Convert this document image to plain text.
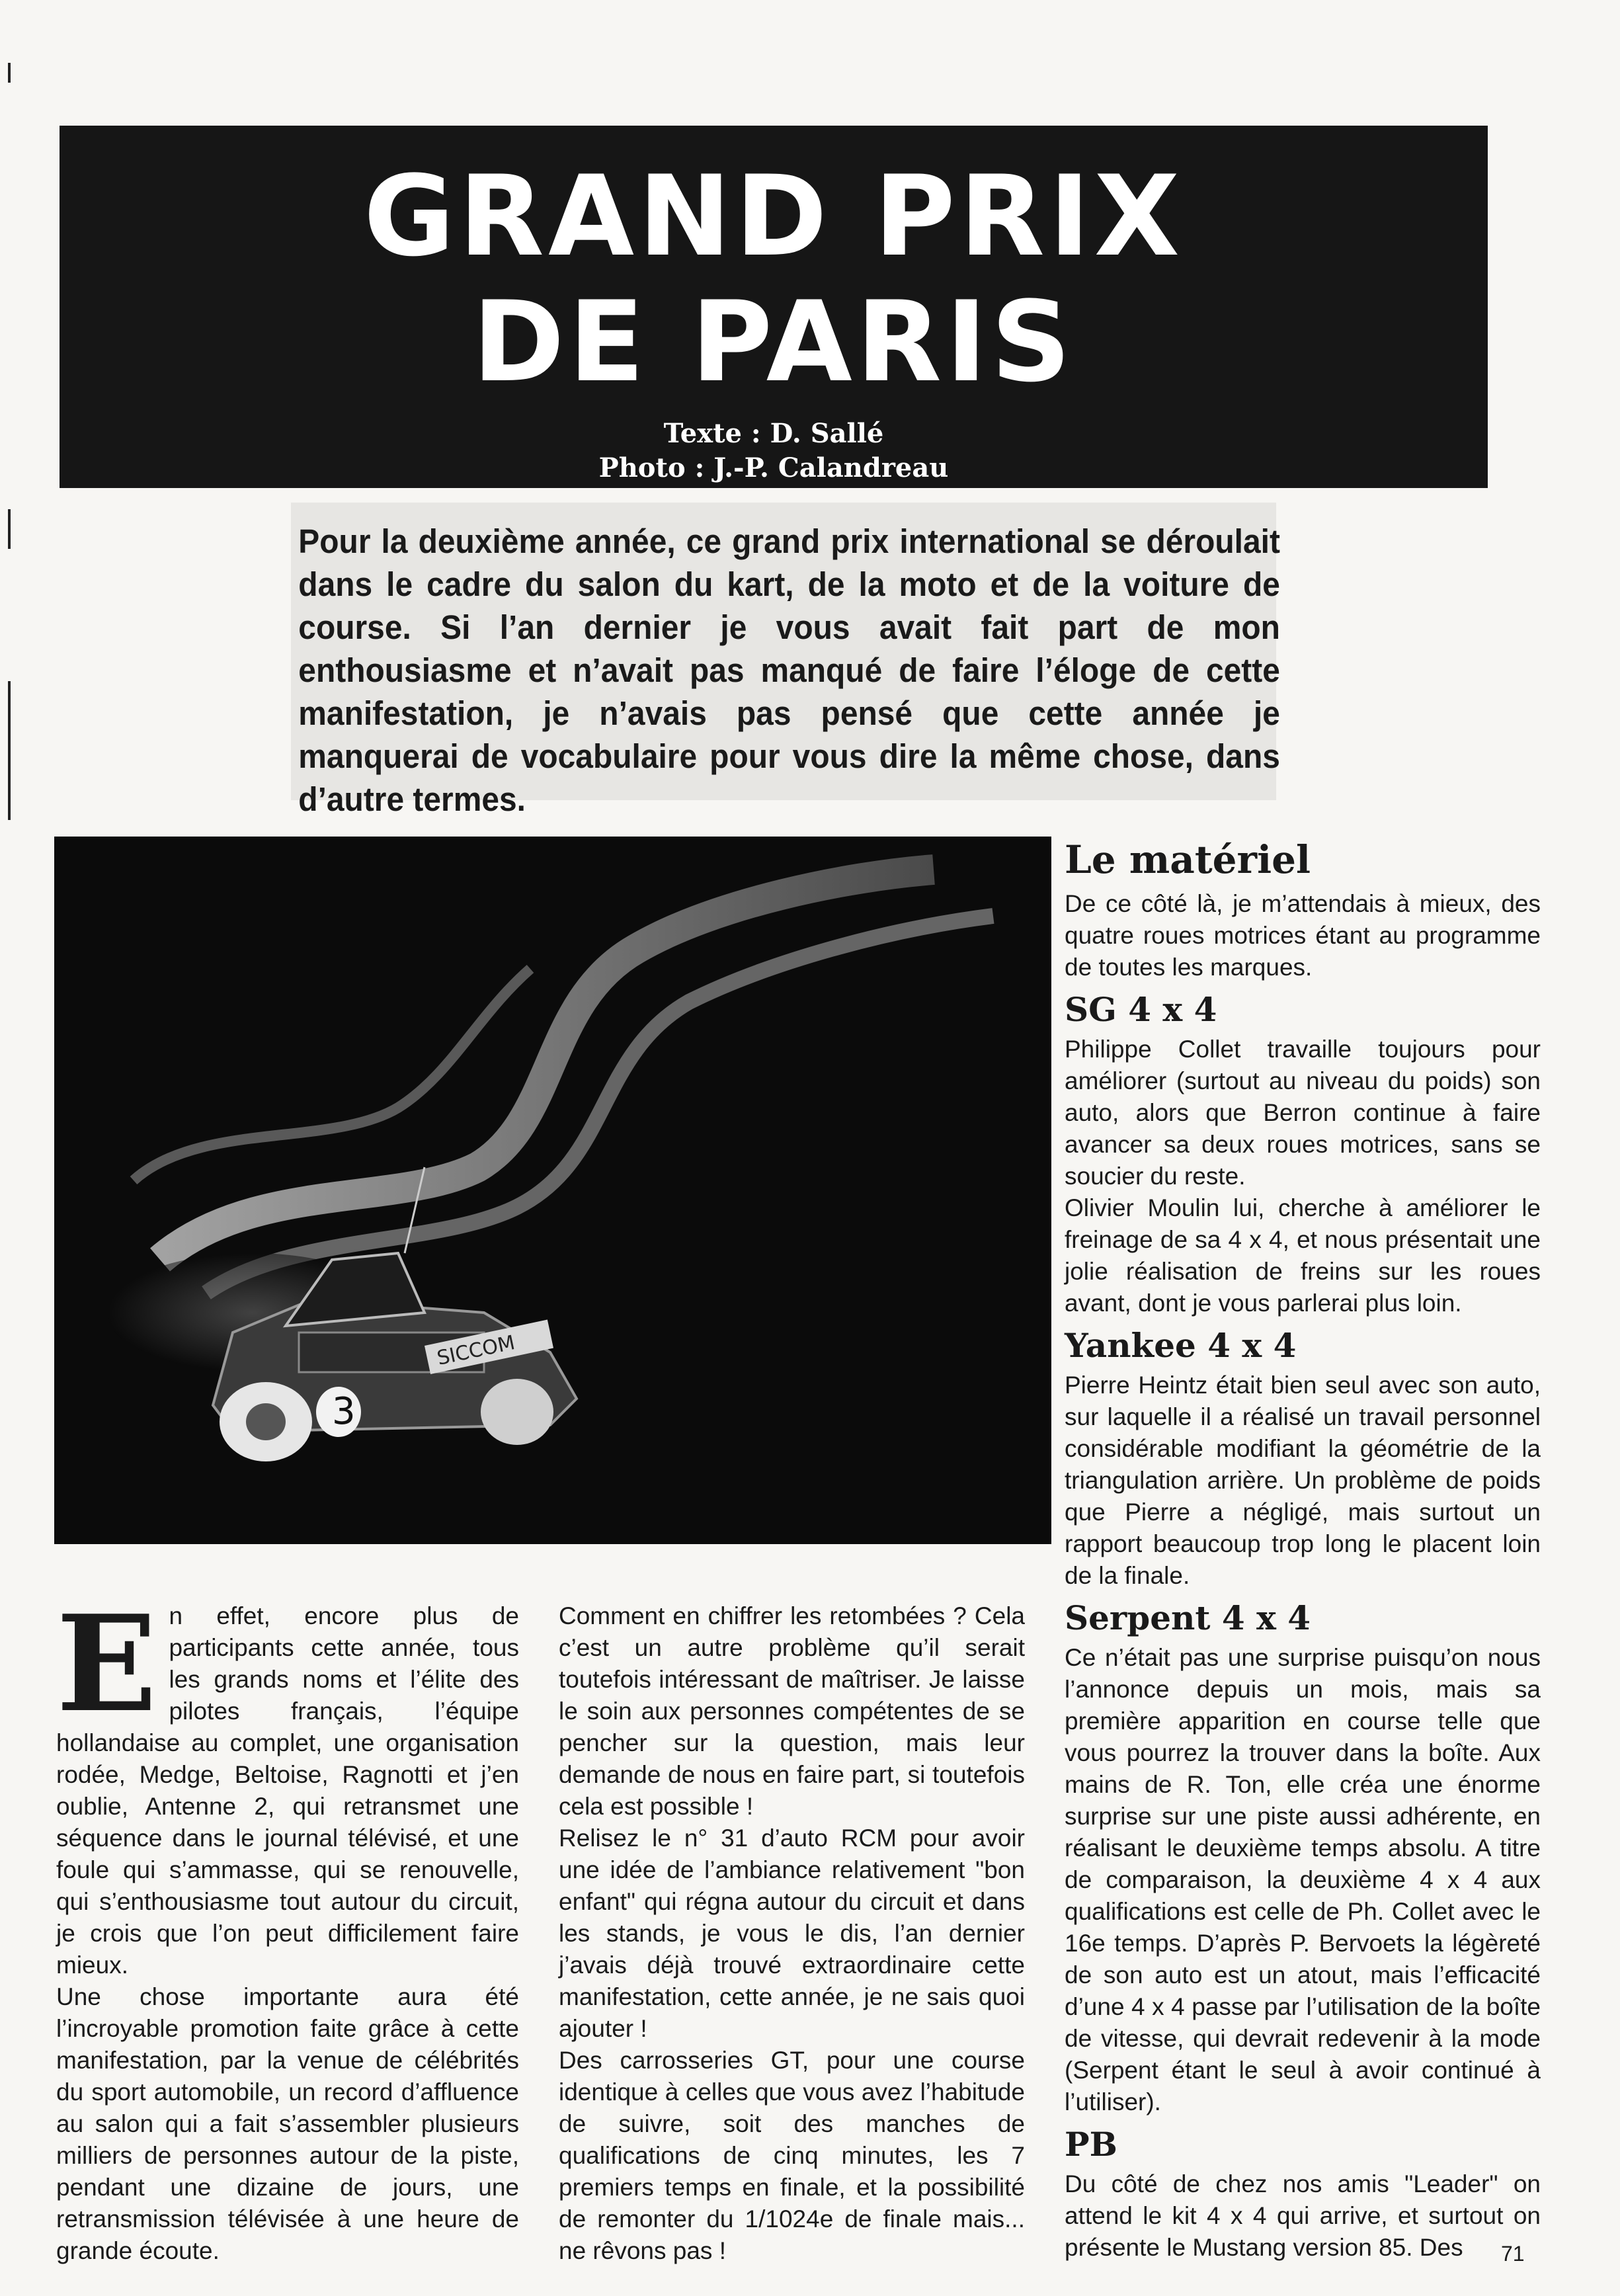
GRAND PRIX

DE PARIS

Texte : D. Sallé
Photo : J.-P. Calandreau

Pour la deuxième année, ce grand prix international se déroulait dans le cadre du salon du kart, de la moto et de la voiture de course. Si l’an dernier je vous avait fait part de mon enthousiasme et n’avait pas manqué de faire l’éloge de cette manifestation, je n’avais pas pensé que cette année je manquerai de vocabulaire pour vous dire la même chose, dans d’autre termes.

3
SICCOM

E n effet, encore plus de participants cette année, tous les grands noms et l’élite des pilotes français, l’équipe hollandaise au complet, une organisation rodée, Medge, Beltoise, Ragnotti et j’en oublie, Antenne 2, qui retransmet une séquence dans le journal télévisé, et une foule qui s’ammasse, qui se renouvelle, qui s’enthousiasme tout autour du circuit, je crois que l’on peut difficilement faire mieux.

Une chose importante aura été l’incroyable promotion faite grâce à cette manifestation, par la venue de célébrités du sport automobile, un record d’affluence au salon qui a fait s’assembler plusieurs milliers de personnes autour de la piste, pendant une dizaine de jours, une retransmission télévisée à une heure de grande écoute.

Comment en chiffrer les retombées ? Cela c’est un autre problème qu’il serait toutefois intéressant de maîtriser. Je laisse le soin aux personnes compétentes de se pencher sur la question, mais leur demande de nous en faire part, si toutefois cela est possible !

Relisez le n° 31 d’auto RCM pour avoir une idée de l’ambiance relativement "bon enfant" qui régna autour du circuit et dans les stands, je vous le dis, l’an dernier j’avais déjà trouvé extraordinaire cette manifestation, cette année, je ne sais quoi ajouter !

Des carrosseries GT, pour une course identique à celles que vous avez l’habitude de suivre, soit des manches de qualifications de cinq minutes, les 7 premiers temps en finale, et la possibilité de remonter du 1/1024e de finale mais... ne rêvons pas !

Le matériel

De ce côté là, je m’attendais à mieux, des quatre roues motrices étant au programme de toutes les marques.

SG 4 x 4

Philippe Collet travaille toujours pour améliorer (surtout au niveau du poids) son auto, alors que Berron continue à faire avancer sa deux roues motrices, sans se soucier du reste.

Olivier Moulin lui, cherche à améliorer le freinage de sa 4 x 4, et nous présentait une jolie réalisation de freins sur les roues avant, dont je vous parlerai plus loin.

Yankee 4 x 4

Pierre Heintz était bien seul avec son auto, sur laquelle il a réalisé un travail personnel considérable modifiant la géométrie de la triangulation arrière. Un problème de poids que Pierre a négligé, mais surtout un rapport beaucoup trop long le placent loin de la finale.

Serpent 4 x 4

Ce n’était pas une surprise puisqu’on nous l’annonce depuis un mois, mais sa première apparition en course telle que vous pourrez la trouver dans la boîte. Aux mains de R. Ton, elle créa une énorme surprise sur une piste aussi adhérente, en réalisant le deuxième temps absolu. A titre de comparaison, la deuxième 4 x 4 aux qualifications est celle de Ph. Collet avec le 16e temps. D’après P. Bervoets la légèreté de son auto est un atout, mais l’efficacité d’une 4 x 4 passe par l’utilisation de la boîte de vitesse, qui devrait redevenir à la mode (Serpent étant le seul à avoir continué à l’utiliser).

PB

Du côté de chez nos amis "Leader" on attend le kit 4 x 4 qui arrive, et surtout on présente le Mustang version 85. Des	71
